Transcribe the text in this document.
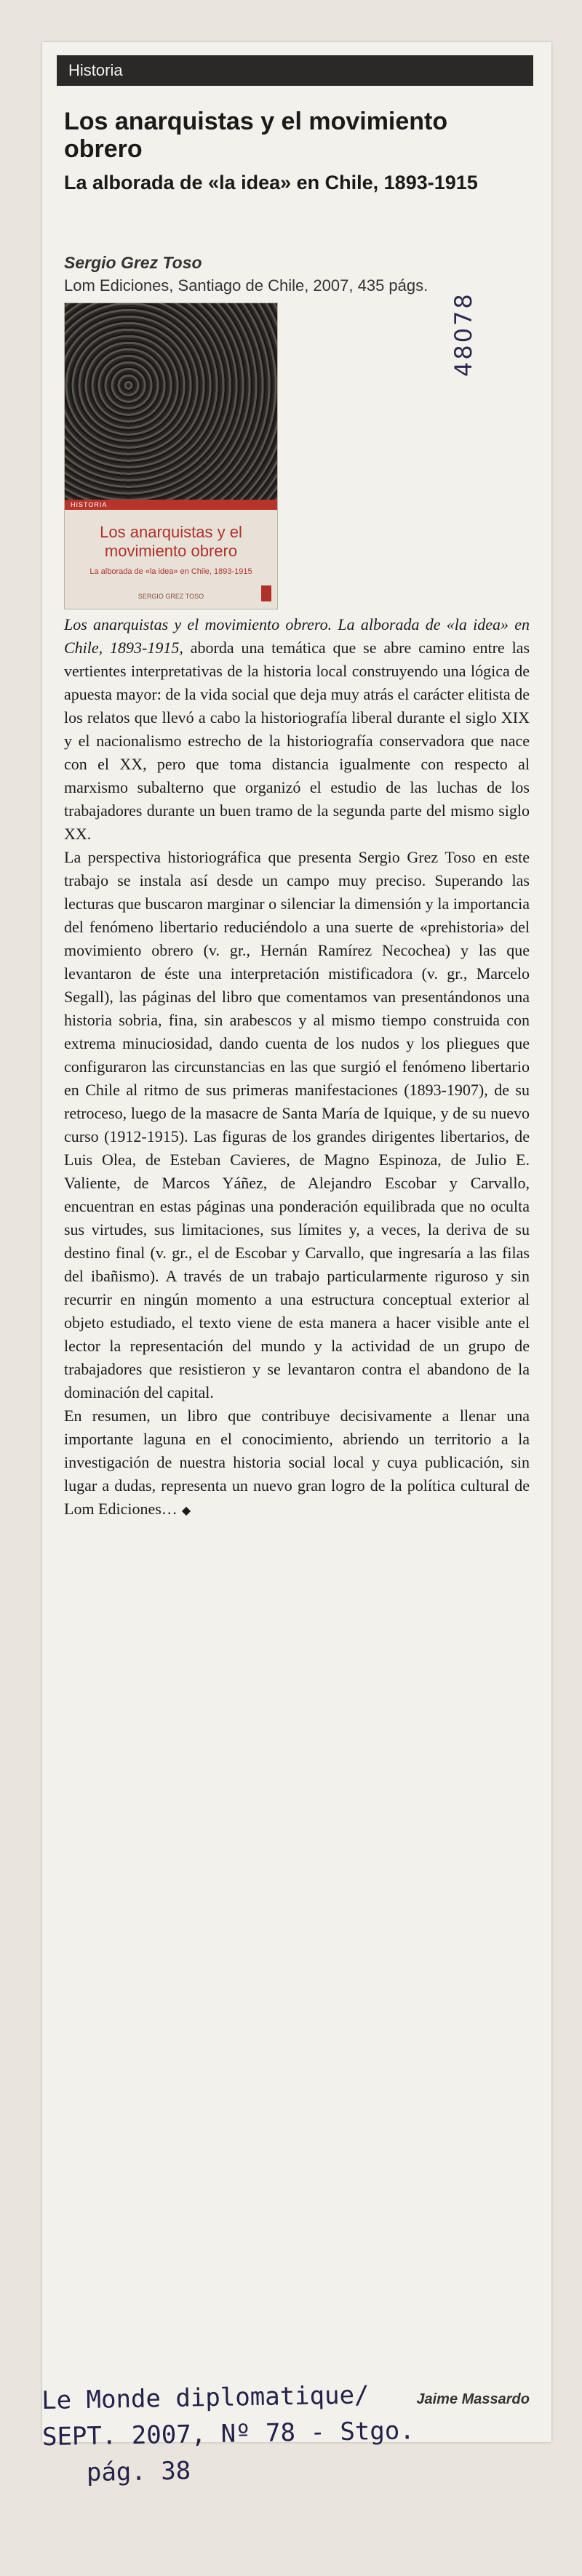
Historia
Los anarquistas y el movimiento obrero
La alborada de «la idea» en Chile, 1893-1915
Sergio Grez Toso
Lom Ediciones, Santiago de Chile, 2007, 435 págs.
HISTORIA
Los anarquistas y el movimiento obrero
La alborada de «la idea» en Chile, 1893-1915
SERGIO GREZ TOSO
48078

Los anarquistas y el movimiento obrero. La alborada de «la idea» en Chile, 1893-1915, aborda una temática que se abre camino entre las vertientes interpretativas de la historia local construyendo una lógica de apuesta mayor: de la vida social que deja muy atrás el carácter elitista de los relatos que llevó a cabo la historiografía liberal durante el siglo XIX y el nacionalismo estrecho de la historiografía conservadora que nace con el XX, pero que toma distancia igualmente con respecto al marxismo subalterno que organizó el estudio de las luchas de los trabajadores durante un buen tramo de la segunda parte del mismo siglo XX.

La perspectiva historiográfica que presenta Sergio Grez Toso en este trabajo se instala así desde un campo muy preciso. Superando las lecturas que buscaron marginar o silenciar la dimensión y la importancia del fenómeno libertario reduciéndolo a una suerte de «prehistoria» del movimiento obrero (v. gr., Hernán Ramírez Necochea) y las que levantaron de éste una interpretación mistificadora (v. gr., Marcelo Segall), las páginas del libro que comentamos van presentándonos una historia sobria, fina, sin arabescos y al mismo tiempo construida con extrema minuciosidad, dando cuenta de los nudos y los pliegues que configuraron las circunstancias en las que surgió el fenómeno libertario en Chile al ritmo de sus primeras manifestaciones (1893-1907), de su retroceso, luego de la masacre de Santa María de Iquique, y de su nuevo curso (1912-1915). Las figuras de los grandes dirigentes libertarios, de Luis Olea, de Esteban Cavieres, de Magno Espinoza, de Julio E. Valiente, de Marcos Yáñez, de Alejandro Escobar y Carvallo, encuentran en estas páginas una ponderación equilibrada que no oculta sus virtudes, sus limitaciones, sus límites y, a veces, la deriva de su destino final (v. gr., el de Escobar y Carvallo, que ingresaría a las filas del ibañismo). A través de un trabajo particularmente riguroso y sin recurrir en ningún momento a una estructura conceptual exterior al objeto estudiado, el texto viene de esta manera a hacer visible ante el lector la representación del mundo y la actividad de un grupo de trabajadores que resistieron y se levantaron contra el abandono de la dominación del capital.

En resumen, un libro que contribuye decisivamente a llenar una importante laguna en el conocimiento, abriendo un territorio a la investigación de nuestra historia social local y cuya publicación, sin lugar a dudas, representa un nuevo gran logro de la política cultural de Lom Ediciones… ◆

Jaime Massardo
Le Monde diplomatique/
SEPT. 2007, Nº 78 - Stgo.
pág. 38
